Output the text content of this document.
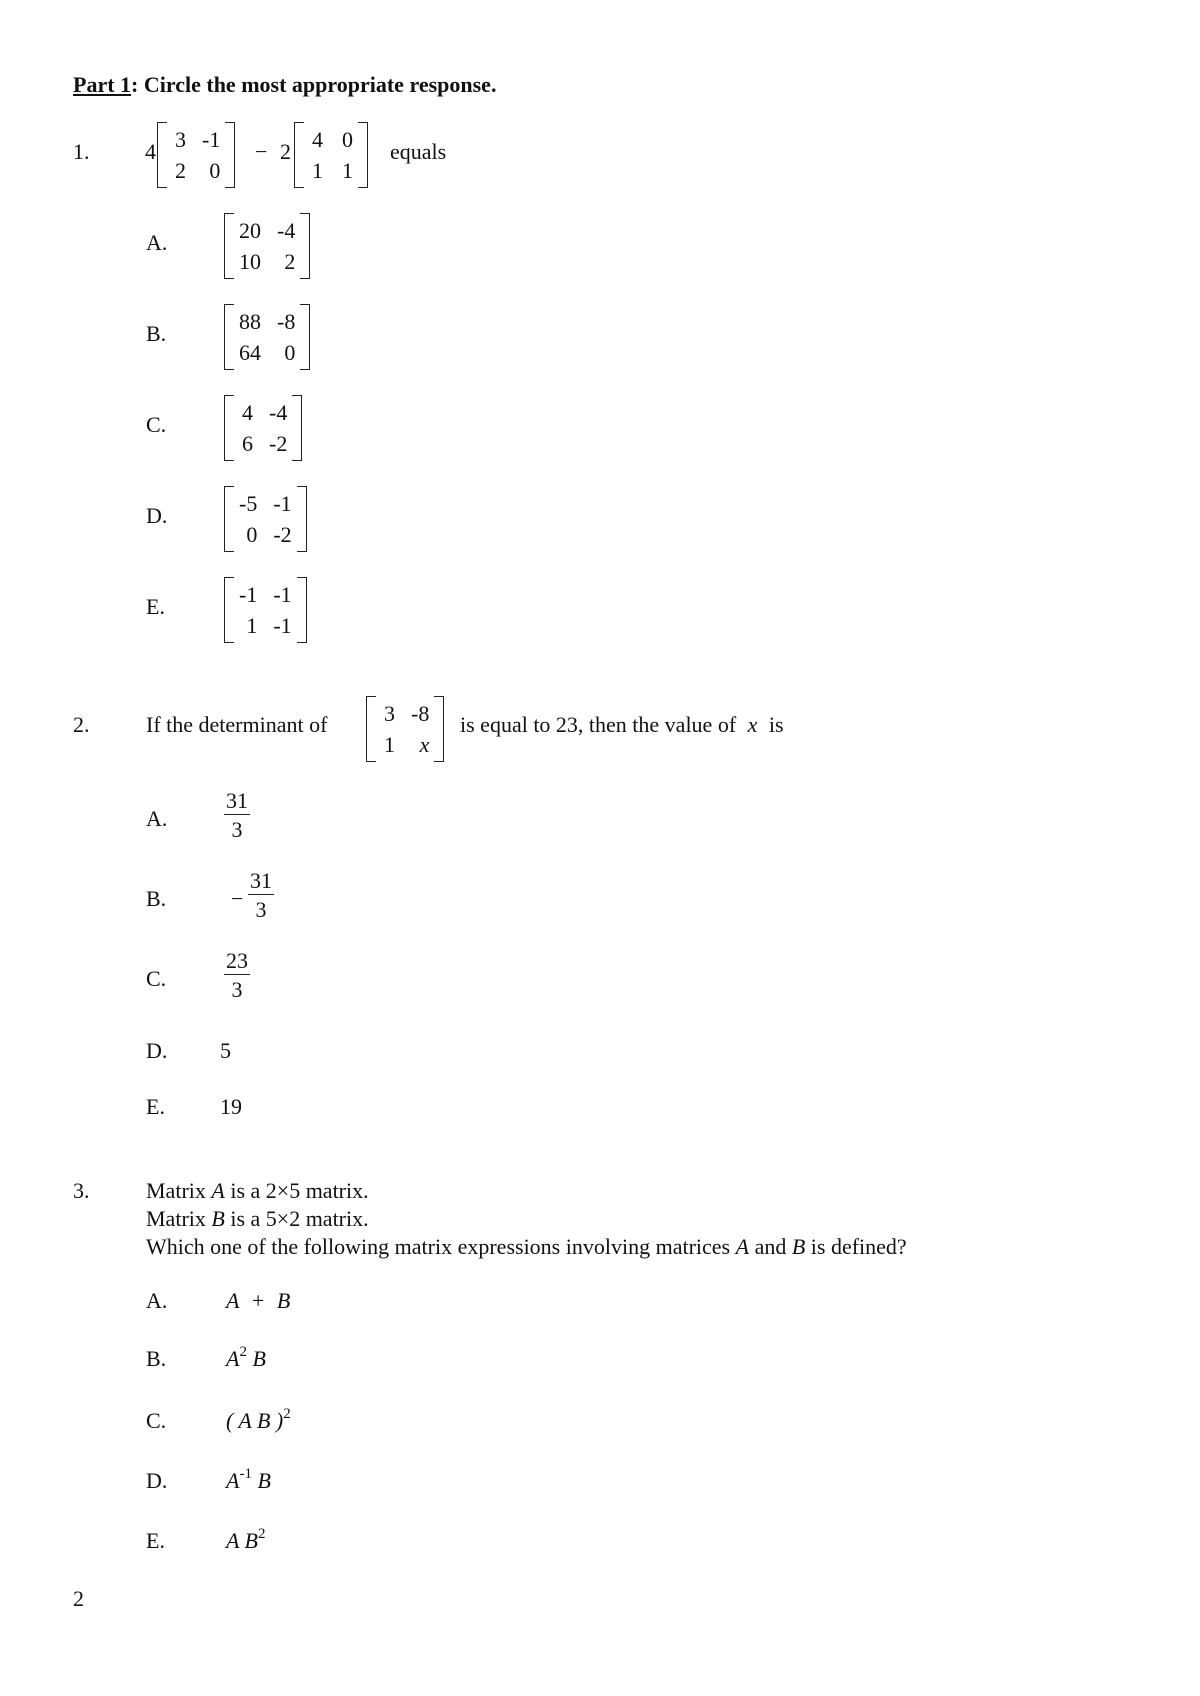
Part 1: Circle the most appropriate response.
1.	4 3 -1
2	0
− 2 4 0
1 1
equals
A.	20 -4
10	2
B.	88 -8
64	0
C.	4 -4
6 -2
D.	-5 -1
0 -2
E.	-1 -1
1 -1
2.	If the determinant of	3 -8
1	x
is equal to 23, then the value of x is
A.	$\frac{31}{3}$
B.	− $\frac{31}{3}$
C.	$\frac{23}{3}$
D. 5
E.	19
3.	Matrix A is a 2×5 matrix.
Matrix B is a 5×2 matrix.
Which one of the following matrix expressions involving matrices A and B is defined?
A.	A + B
B.	$A^2$ B
C.	( A B )$^2$
D.	$A^{-1}$ B
E.	A $B^2$
2
